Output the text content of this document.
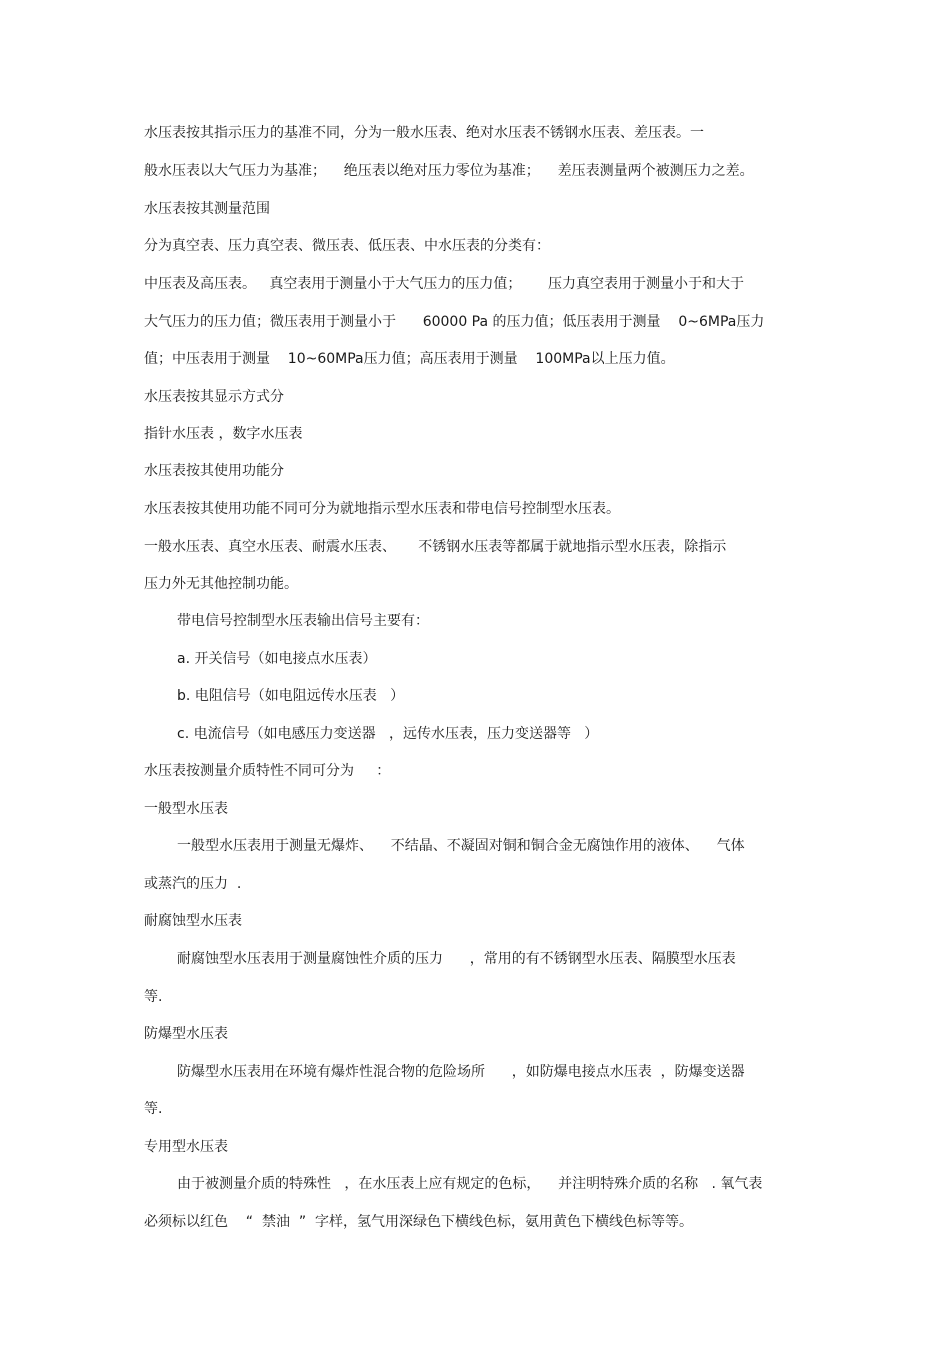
水压表按其指示压力的基准不同，分为一般水压表、绝对水压表不锈钢水压表、差压表。一

般水压表以大气压力为基准；    绝压表以绝对压力零位为基准；    差压表测量两个被测压力之差。

水压表按其测量范围

分为真空表、压力真空表、微压表、低压表、中水压表的分类有：

中压表及高压表。   真空表用于测量小于大气压力的压力值；      压力真空表用于测量小于和大于

大气压力的压力值；微压表用于测量小于      60000 Pa 的压力值；低压表用于测量    0~6MPa压力

值；中压表用于测量    10~60MPa压力值；高压表用于测量    100MPa以上压力值。

水压表按其显示方式分

指针水压表 ，数字水压表

水压表按其使用功能分

水压表按其使用功能不同可分为就地指示型水压表和带电信号控制型水压表。

一般水压表、真空水压表、耐震水压表、     不锈钢水压表等都属于就地指示型水压表，除指示

压力外无其他控制功能。

带电信号控制型水压表输出信号主要有：

a. 开关信号（如电接点水压表）

b. 电阻信号（如电阻远传水压表   ）

c. 电流信号（如电感压力变送器   ，远传水压表，压力变送器等   ）

水压表按测量介质特性不同可分为     ：

一般型水压表

一般型水压表用于测量无爆炸、    不结晶、不凝固对铜和铜合金无腐蚀作用的液体、    气体

或蒸汽的压力  .

耐腐蚀型水压表

耐腐蚀型水压表用于测量腐蚀性介质的压力      ，常用的有不锈钢型水压表、隔膜型水压表

等.

防爆型水压表

防爆型水压表用在环境有爆炸性混合物的危险场所      ，如防爆电接点水压表  ，防爆变送器

等.

专用型水压表

由于被测量介质的特殊性   ，在水压表上应有规定的色标，    并注明特殊介质的名称   . 氧气表

必须标以红色    “  禁油  ”  字样，氢气用深绿色下横线色标，氨用黄色下横线色标等等。
